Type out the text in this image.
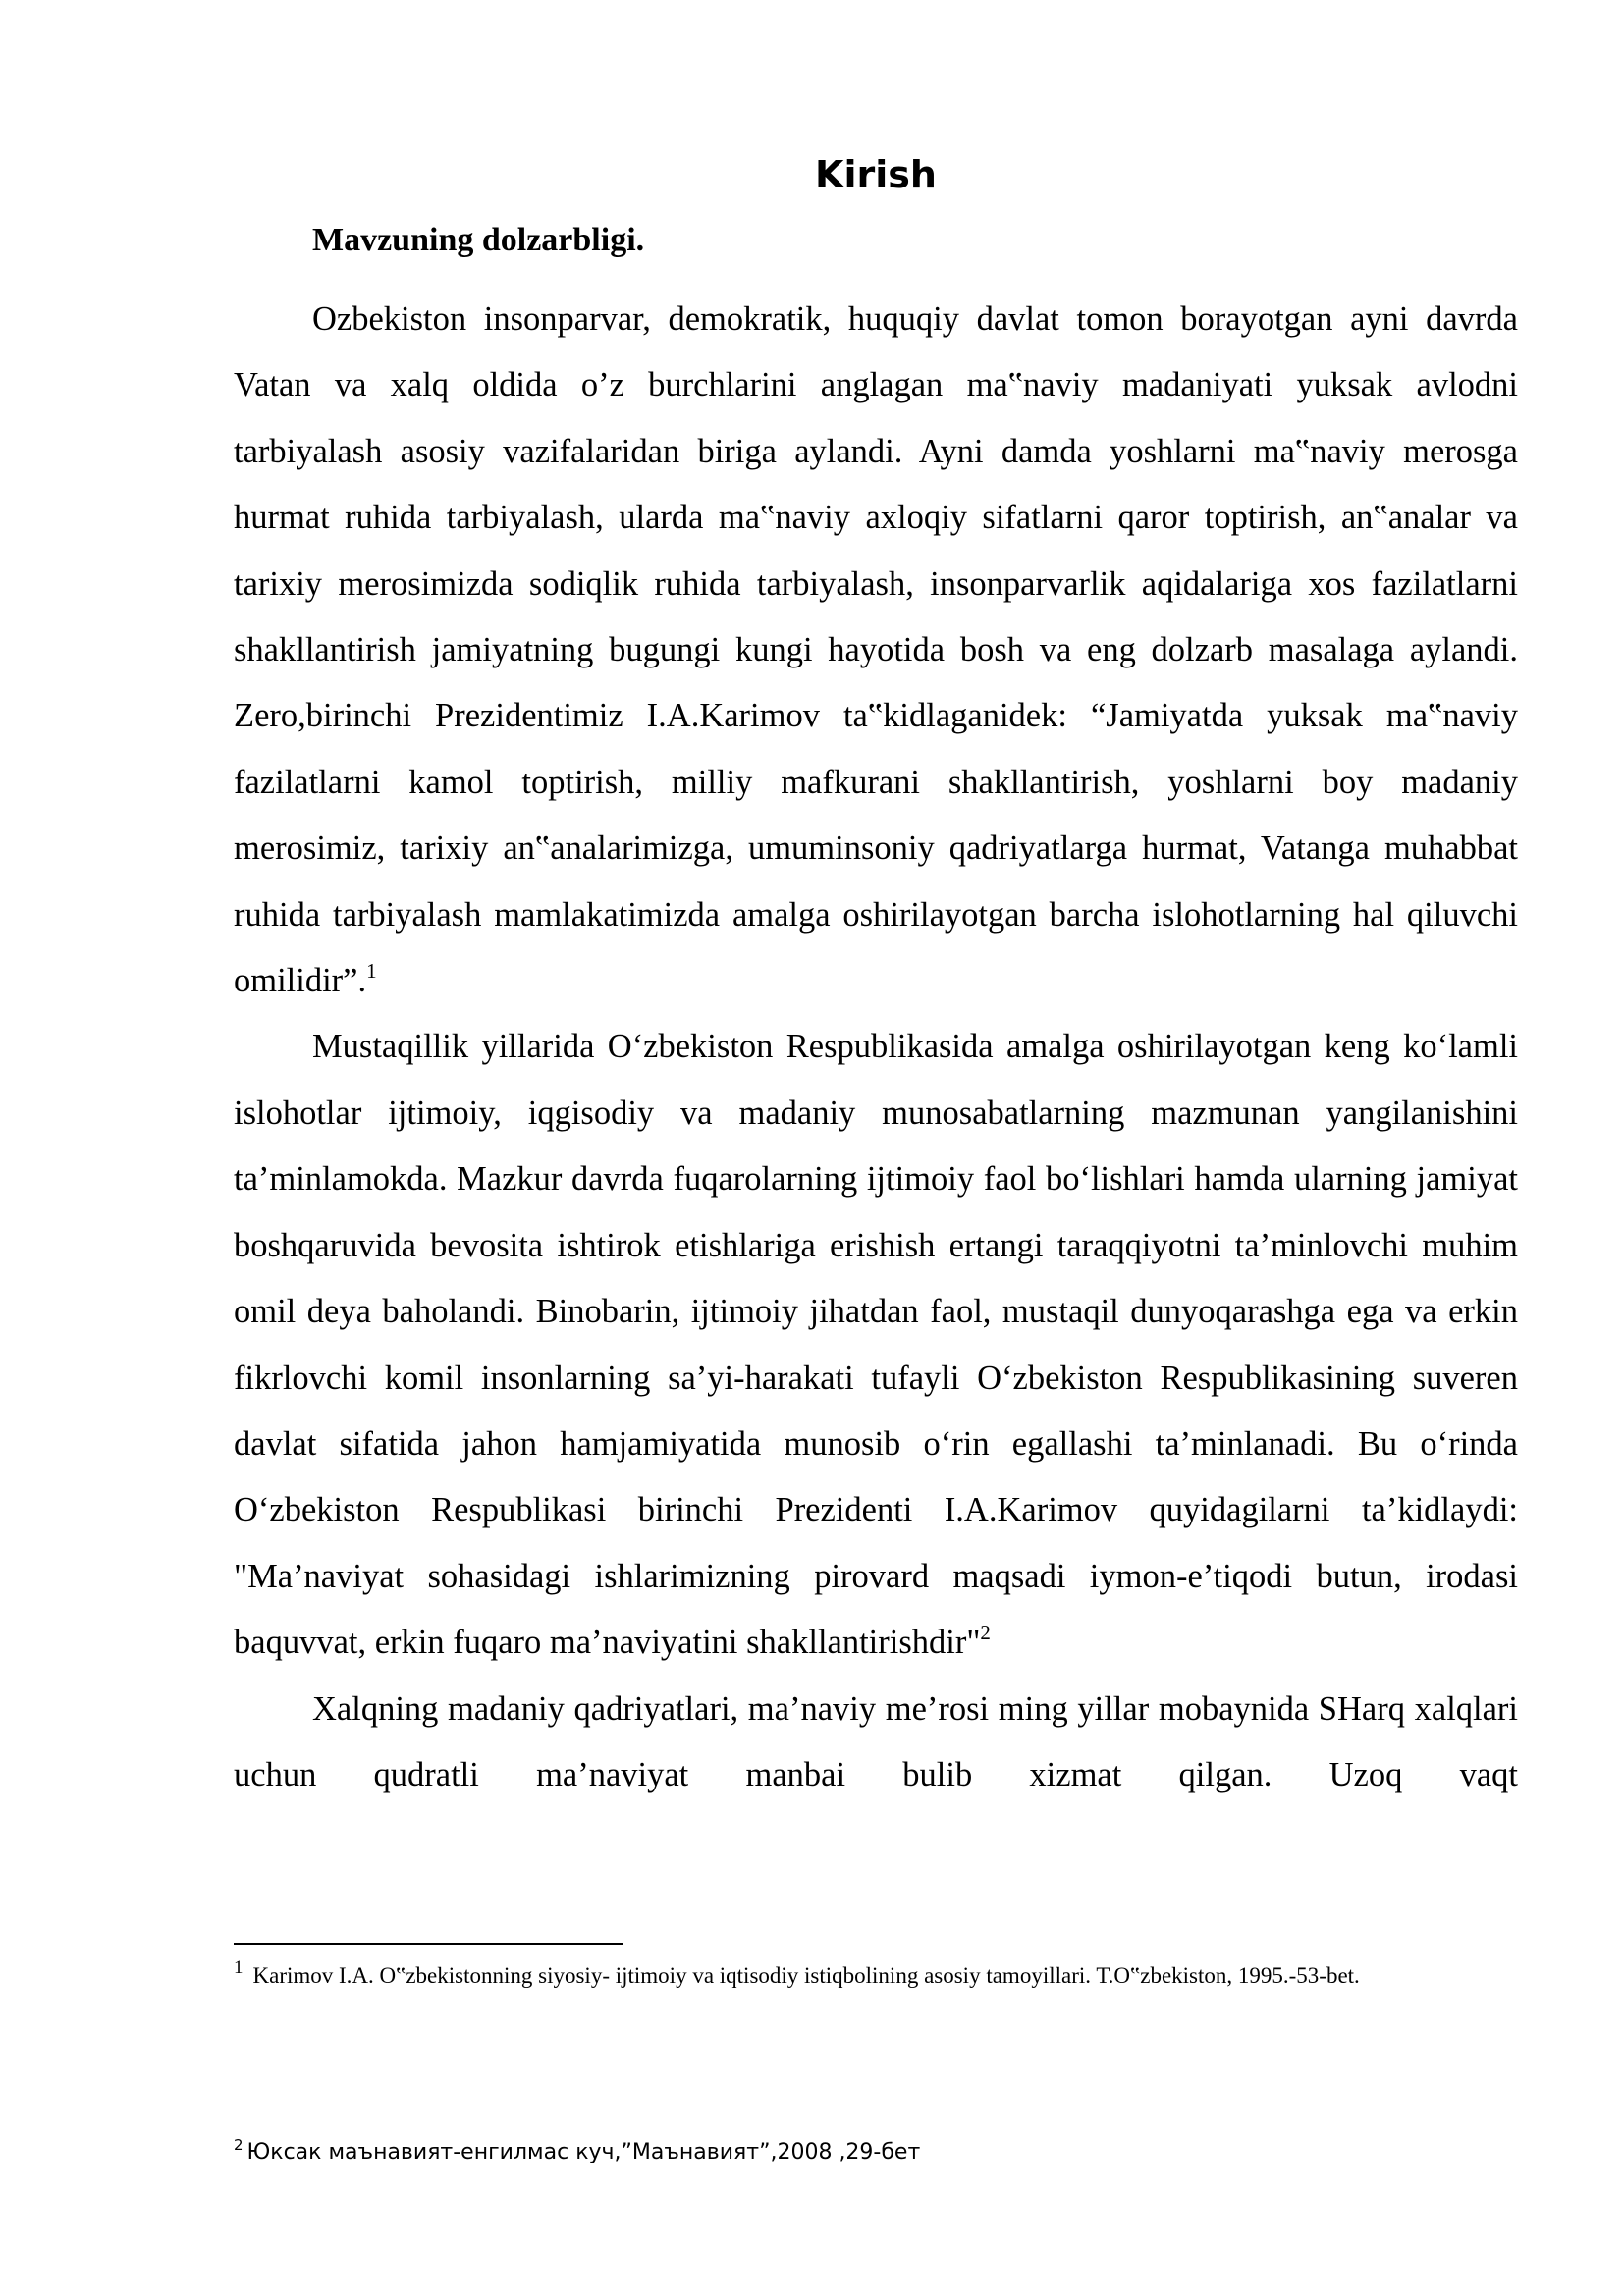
Kirish
Mavzuning dolzarbligi.

Ozbekiston insonparvar, demokratik, huquqiy davlat tomon borayotgan ayni davrda Vatan va xalq oldida o’z burchlarini anglagan ma‟naviy madaniyati yuksak avlodni tarbiyalash asosiy vazifalaridan biriga aylandi. Ayni damda yoshlarni ma‟naviy merosga hurmat ruhida tarbiyalash, ularda ma‟naviy axloqiy sifatlarni qaror toptirish, an‟analar va tarixiy merosimizda sodiqlik ruhida tarbiyalash, insonparvarlik aqidalariga xos fazilatlarni shakllantirish jamiyatning bugungi kungi hayotida bosh va eng dolzarb masalaga aylandi. Zero,birinchi Prezidentimiz I.A.Karimov ta‟kidlaganidek: “Jamiyatda yuksak ma‟naviy fazilatlarni kamol toptirish, milliy mafkurani shakllantirish, yoshlarni boy madaniy merosimiz, tarixiy an‟analarimizga, umuminsoniy qadriyatlarga hurmat, Vatanga muhabbat ruhida tarbiyalash mamlakatimizda amalga oshirilayotgan barcha islohotlarning hal qiluvchi omilidir”.$^1$

Mustaqillik yillarida O‘zbekiston Respublikasida amalga oshirilayotgan keng ko‘lamli islohotlar ijtimoiy, iqgisodiy va madaniy munosabatlarning mazmunan yangilanishini ta’minlamokda. Mazkur davrda fuqarolarning ijtimoiy faol bo‘lishlari hamda ularning jamiyat boshqaruvida bevosita ishtirok etishlariga erishish ertangi taraqqiyotni ta’minlovchi muhim omil deya baholandi. Binobarin, ijtimoiy jihatdan faol, mustaqil dunyoqarashga ega va erkin fikrlovchi komil insonlarning sa’yi-harakati tufayli O‘zbekiston Respublikasining suveren davlat sifatida jahon hamjamiyatida munosib o‘rin egallashi ta’minlanadi. Bu o‘rinda O‘zbekiston Respublikasi birinchi Prezidenti I.A.Karimov quyidagilarni ta’kidlaydi: "Ma’naviyat sohasidagi ishlarimizning pirovard maqsadi iymon-e’tiqodi butun, irodasi baquvvat, erkin fuqaro ma’naviyatini shakllantirishdir"$^2$

Xalqning madaniy qadriyatlari, ma’naviy me’rosi ming yillar mobaynida SHarq xalqlari uchun qudratli ma’naviyat manbai bulib xizmat qilgan. Uzoq vaqt

$^1$ Karimov I.A. O‟zbekistonning siyosiy- ijtimoiy va iqtisodiy istiqbolining asosiy tamoyillari. T.O‟zbekiston, 1995.-53-bet.
$^2$ Юксак маънавият-енгилмас куч,”Маънавият”,2008 ,29-бет
